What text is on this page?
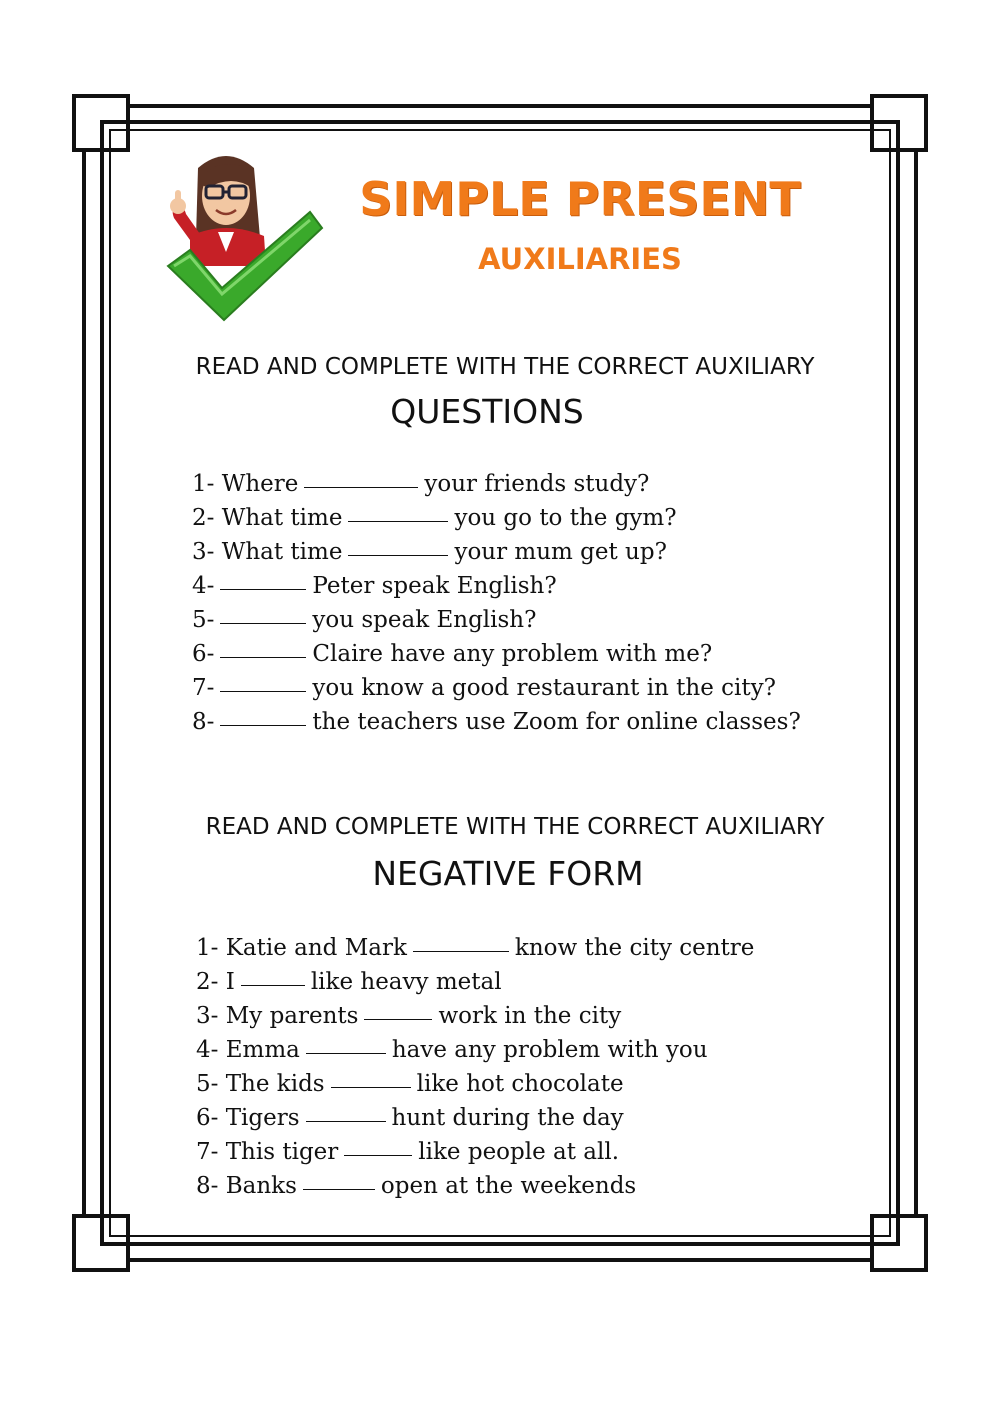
SIMPLE PRESENT
AUXILIARIES
READ AND COMPLETE WITH THE CORRECT AUXILIARY
QUESTIONS
1- Where	your friends study?
2- What time	you go to the gym?
3- What time	your mum get up?
4-	Peter speak English?
5-	you speak English?
6-	Claire have any problem with me?
7-	you know a good restaurant in the city?
8-	the teachers use Zoom for online classes?
READ AND COMPLETE WITH THE CORRECT AUXILIARY
NEGATIVE FORM
1- Katie and Mark	know the city centre
2- I	like heavy metal
3- My parents	work in the city
4- Emma	have any problem with you
5- The kids	like hot chocolate
6- Tigers	hunt during the day
7- This tiger	like people at all.
8- Banks	open at the weekends
